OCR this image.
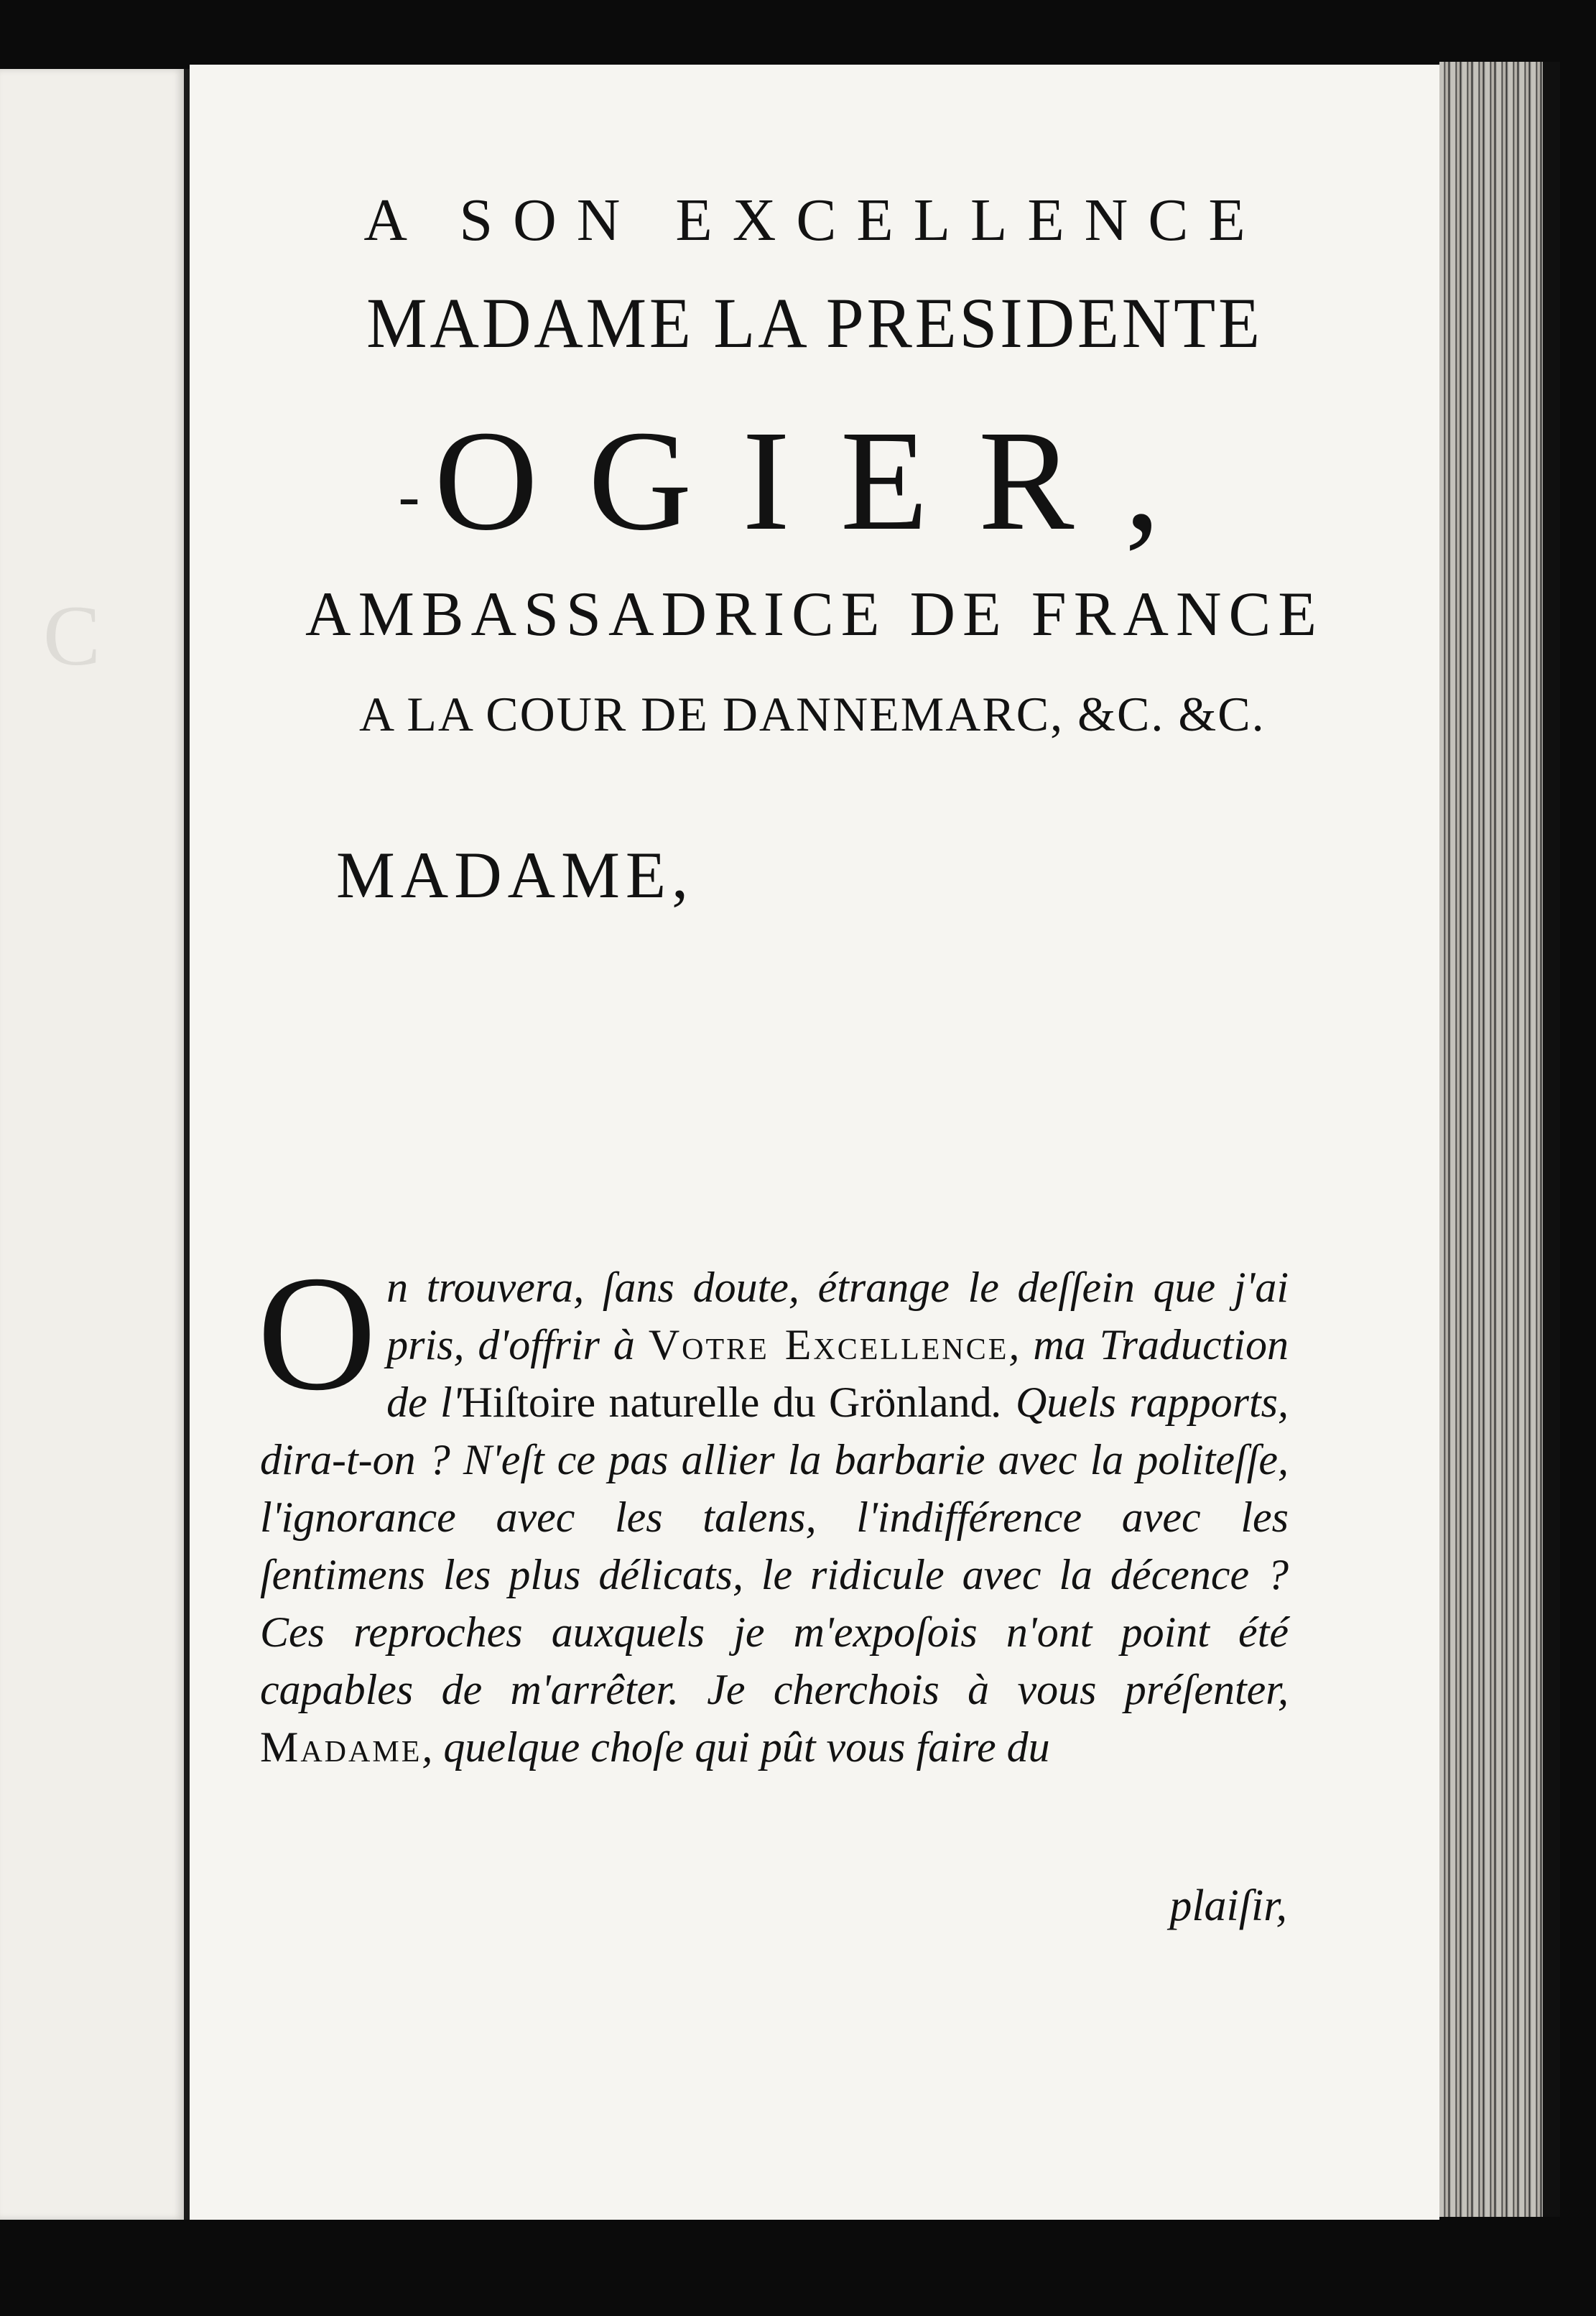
C
A SON EXCELLENCE
MADAME LA PRESIDENTE
- OGIER,
AMBASSADRICE DE FRANCE
A LA COUR DE DANNEMARC, &C. &C.
MADAME,
On trouvera, ſans doute, étrange le deſſein que j'ai pris, d'offrir à Votre Excellence, ma Traduction de l'Hiſtoire naturelle du Grönland. Quels rapports, dira-t-on ? N'eſt ce pas allier la barbarie avec la politeſſe, l'ignorance avec les talens, l'indifférence avec les ſentimens les plus délicats, le ridicule avec la décence ? Ces reproches auxquels je m'expoſois n'ont point été capables de m'arrêter. Je cherchois à vous préſenter, Madame, quelque choſe qui pût vous faire du
plaiſir,
